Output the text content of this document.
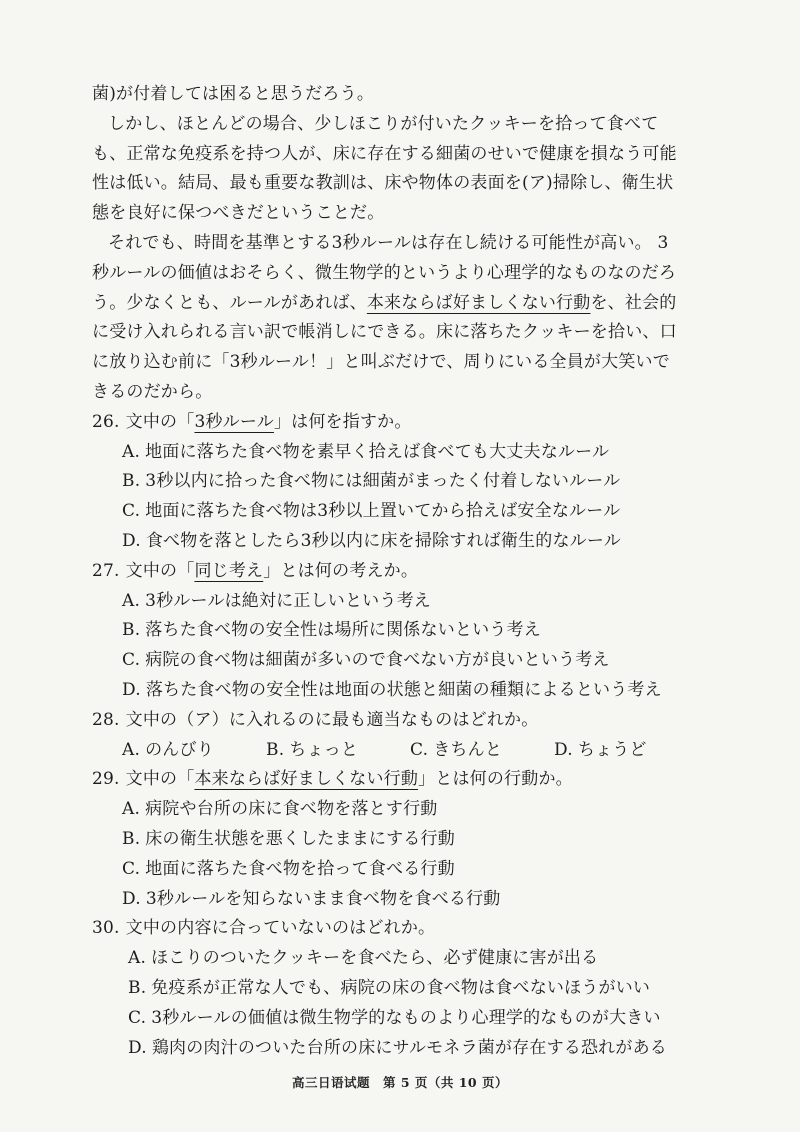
菌)が付着しては困ると思うだろう。
しかし、ほとんどの場合、少しほこりが付いたクッキーを拾って食べて
も、正常な免疫系を持つ人が、床に存在する細菌のせいで健康を損なう可能
性は低い。結局、最も重要な教訓は、床や物体の表面を(ア)掃除し、衛生状
態を良好に保つべきだということだ。
それでも、時間を基準とする3秒ルールは存在し続ける可能性が高い。 3
秒ルールの価値はおそらく、微生物学的というより心理学的なものなのだろ
う。少なくとも、ルールがあれば、本来ならば好ましくない行動を、社会的
に受け入れられる言い訳で帳消しにできる。床に落ちたクッキーを拾い、口
に放り込む前に「3秒ルール！」と叫ぶだけで、周りにいる全員が大笑いで
きるのだから。
26. 文中の「3秒ルール」は何を指すか。
A. 地面に落ちた食べ物を素早く拾えば食べても大丈夫なルール
B. 3秒以内に拾った食べ物には細菌がまったく付着しないルール
C. 地面に落ちた食べ物は3秒以上置いてから拾えば安全なルール
D. 食べ物を落としたら3秒以内に床を掃除すれば衛生的なルール
27. 文中の「同じ考え」とは何の考えか。
A. 3秒ルールは絶対に正しいという考え
B. 落ちた食べ物の安全性は場所に関係ないという考え
C. 病院の食べ物は細菌が多いので食べない方が良いという考え
D. 落ちた食べ物の安全性は地面の状態と細菌の種類によるという考え
28. 文中の（ア）に入れるのに最も適当なものはどれか。
A. のんびり	B. ちょっと	C. きちんと	D. ちょうど
29. 文中の「本来ならば好ましくない行動」とは何の行動か。
A. 病院や台所の床に食べ物を落とす行動
B. 床の衛生状態を悪くしたままにする行動
C. 地面に落ちた食べ物を拾って食べる行動
D. 3秒ルールを知らないまま食べ物を食べる行動
30. 文中の内容に合っていないのはどれか。
A. ほこりのついたクッキーを食べたら、必ず健康に害が出る
B. 免疫系が正常な人でも、病院の床の食べ物は食べないほうがいい
C. 3秒ルールの価値は微生物学的なものより心理学的なものが大きい
D. 鶏肉の肉汁のついた台所の床にサルモネラ菌が存在する恐れがある
高三日语试题　第 5 页（共 10 页）
